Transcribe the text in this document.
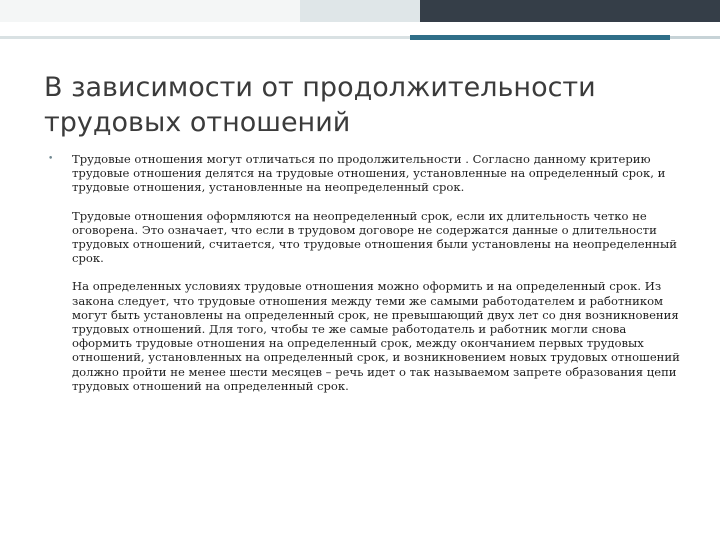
В зависимости от продолжительности трудовых отношений

• Трудовые отношения могут отличаться по продолжительности . Согласно данному критерию трудовые отношения делятся на трудовые отношения, установленные на определенный срок, и трудовые отношения, установленные на неопределенный срок.

Трудовые отношения оформляются на неопределенный срок, если их длительность четко не оговорена. Это означает, что если в трудовом договоре не содержатся данные о длительности трудовых отношений, считается, что трудовые отношения были установлены на неопределенный срок.

На определенных условиях трудовые отношения можно оформить и на определенный срок. Из закона следует, что трудовые отношения между теми же самыми работодателем и работником могут быть установлены на определенный срок, не превышающий двух лет со дня возникновения трудовых отношений. Для того, чтобы те же самые работодатель и работник могли снова оформить трудовые отношения на определенный срок, между окончанием первых трудовых отношений, установленных на определенный срок, и возникновением новых трудовых отношений должно пройти не менее шести месяцев – речь идет о так называемом запрете образования цепи трудовых отношений на определенный срок.
